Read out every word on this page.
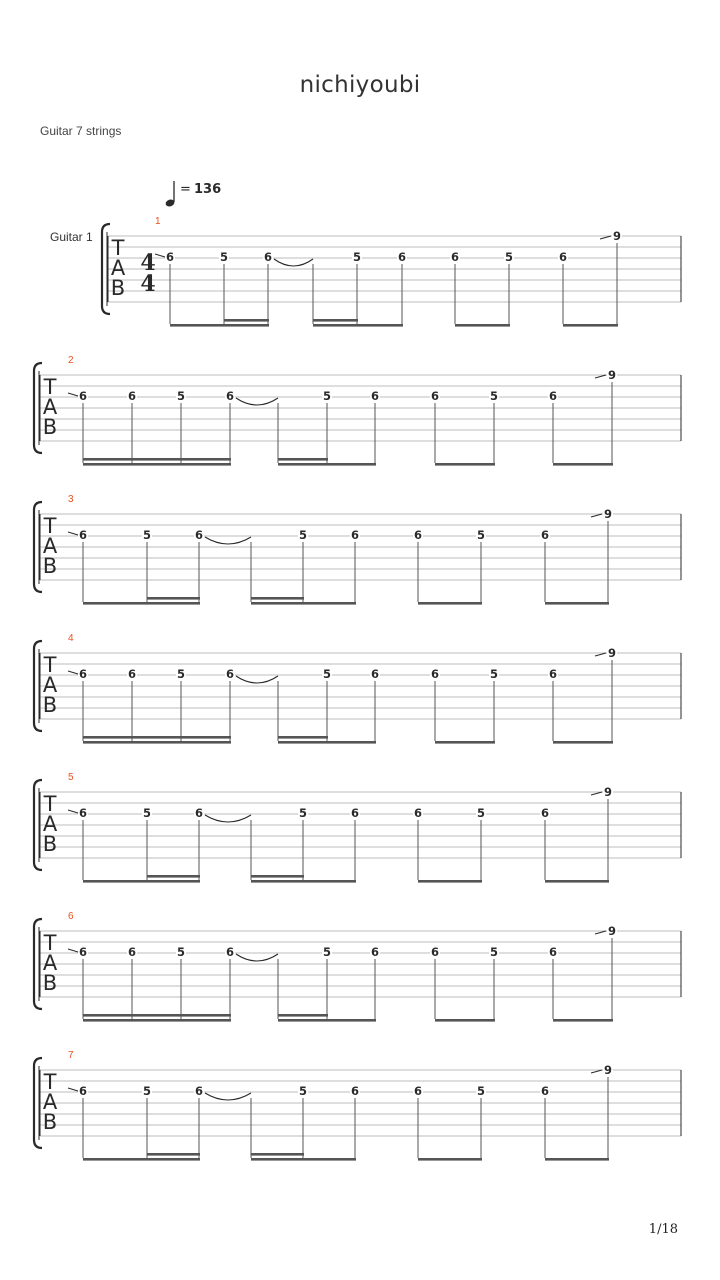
nichiyoubi
Guitar 7 strings
= 136
T
A
B
4
4
Guitar 1
1
6	5	6	5	6	6	5	6
9
T
A
B
2
6	6	5	6	5	6	6	5	6
9
T
A
B
3
6	5	6	5	6	6	5	6
9
T
A
B
4
6	6	5	6	5	6	6	5	6
9
T
A
B
5
6	5	6	5	6	6	5	6
9
T
A
B
6
6	6	5	6	5	6	6	5	6
9
T
A
B
7
6	5	6	5	6	6	5	6
9
1/18
